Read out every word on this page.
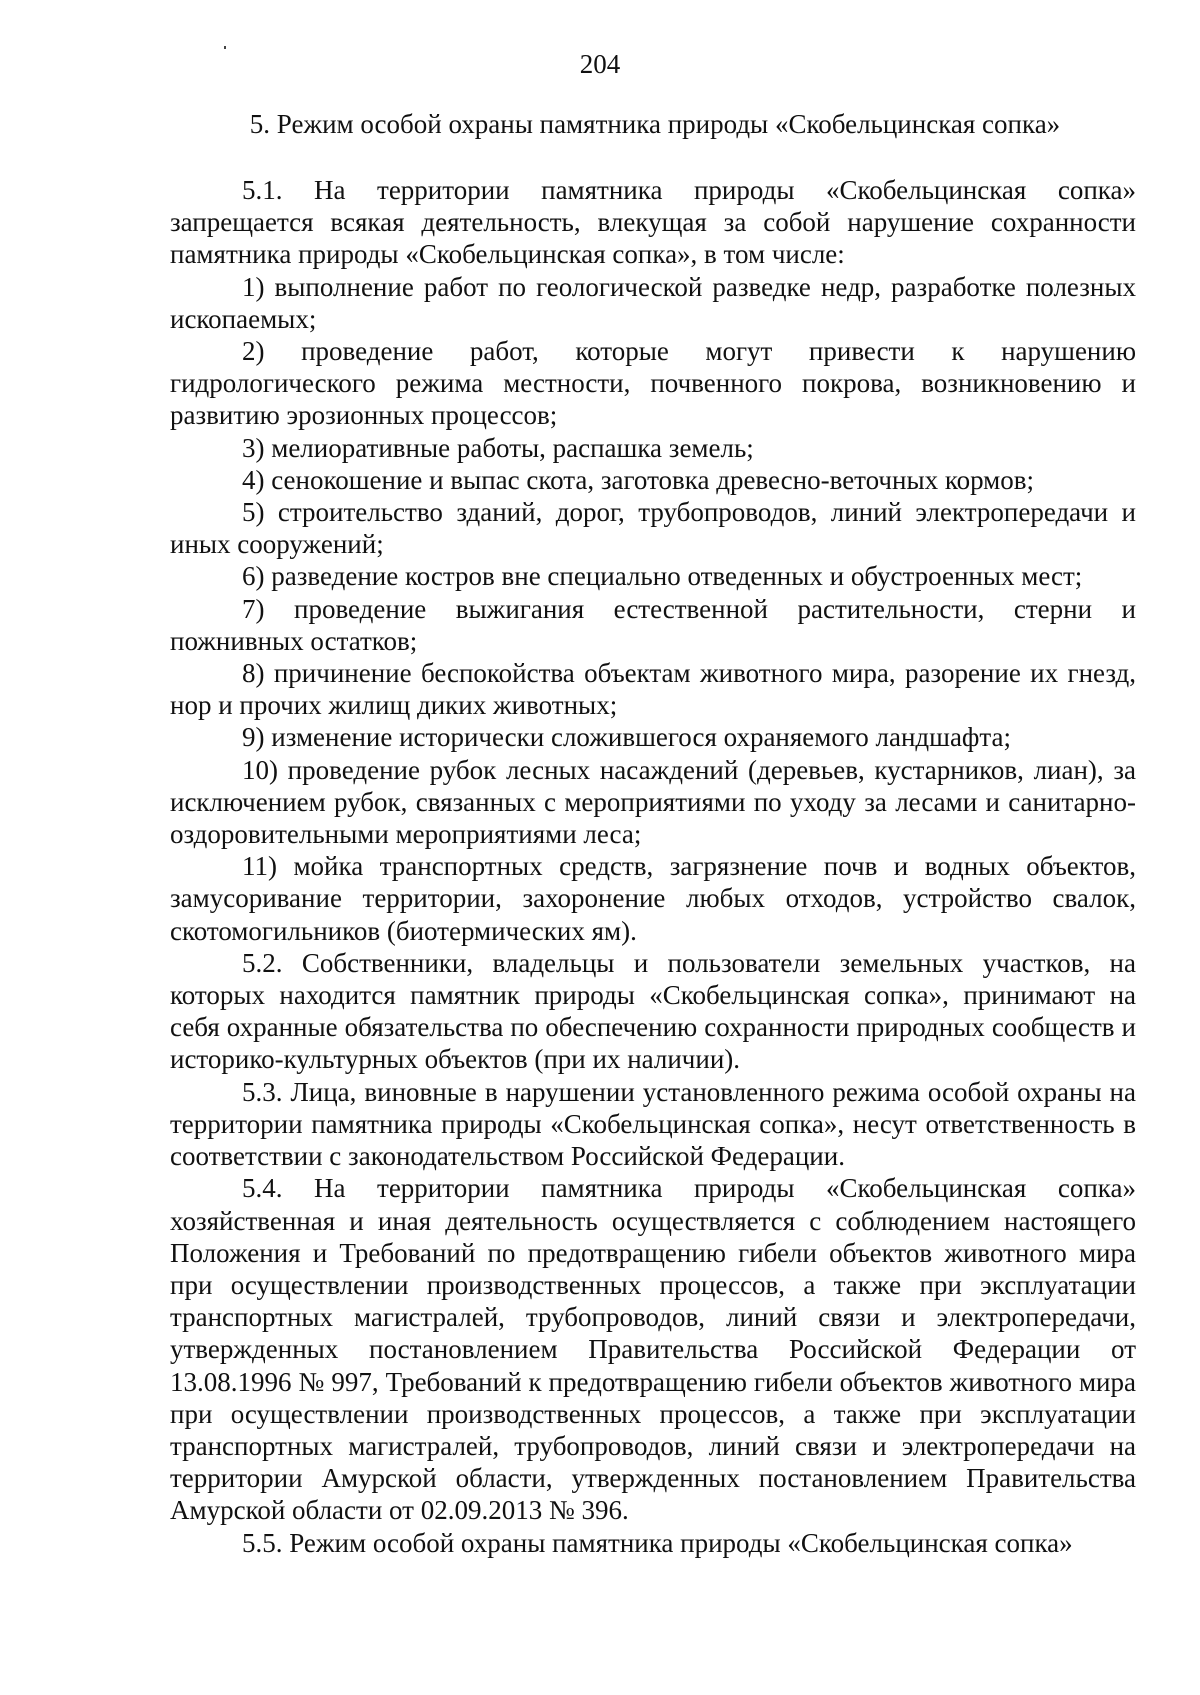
204
5. Режим особой охраны памятника природы «Скобельцинская сопка»

5.1. На территории памятника природы «Скобельцинская сопка» запрещается всякая деятельность, влекущая за собой нарушение сохранности памятника природы «Скобельцинская сопка», в том числе:

1) выполнение работ по геологической разведке недр, разработке полезных ископаемых;

2) проведение работ, которые могут привести к нарушению гидрологического режима местности, почвенного покрова, возникновению и развитию эрозионных процессов;

3) мелиоративные работы, распашка земель;

4) сенокошение и выпас скота, заготовка древесно-веточных кормов;

5) строительство зданий, дорог, трубопроводов, линий электропередачи и иных сооружений;

6) разведение костров вне специально отведенных и обустроенных мест;

7) проведение выжигания естественной растительности, стерни и пожнивных остатков;

8) причинение беспокойства объектам животного мира, разорение их гнезд, нор и прочих жилищ диких животных;

9) изменение исторически сложившегося охраняемого ландшафта;

10) проведение рубок лесных насаждений (деревьев, кустарников, лиан), за исключением рубок, связанных с мероприятиями по уходу за лесами и санитарно-оздоровительными мероприятиями леса;

11) мойка транспортных средств, загрязнение почв и водных объектов, замусоривание территории, захоронение любых отходов, устройство свалок, скотомогильников (биотермических ям).

5.2. Собственники, владельцы и пользователи земельных участков, на которых находится памятник природы «Скобельцинская сопка», принимают на себя охранные обязательства по обеспечению сохранности природных сообществ и историко-культурных объектов (при их наличии).

5.3. Лица, виновные в нарушении установленного режима особой охраны на территории памятника природы «Скобельцинская сопка», несут ответственность в соответствии с законодательством Российской Федерации.

5.4. На территории памятника природы «Скобельцинская сопка» хозяйственная и иная деятельность осуществляется с соблюдением настоящего Положения и Требований по предотвращению гибели объектов животного мира при осуществлении производственных процессов, а также при эксплуатации транспортных магистралей, трубопроводов, линий связи и электропередачи, утвержденных постановлением Правительства Российской Федерации от 13.08.1996 № 997, Требований к предотвращению гибели объектов животного мира при осуществлении производственных процессов, а также при эксплуатации транспортных магистралей, трубопроводов, линий связи и электропередачи на территории Амурской области, утвержденных постановлением Правительства Амурской области от 02.09.2013 № 396.

5.5. Режим особой охраны памятника природы «Скобельцинская сопка»
